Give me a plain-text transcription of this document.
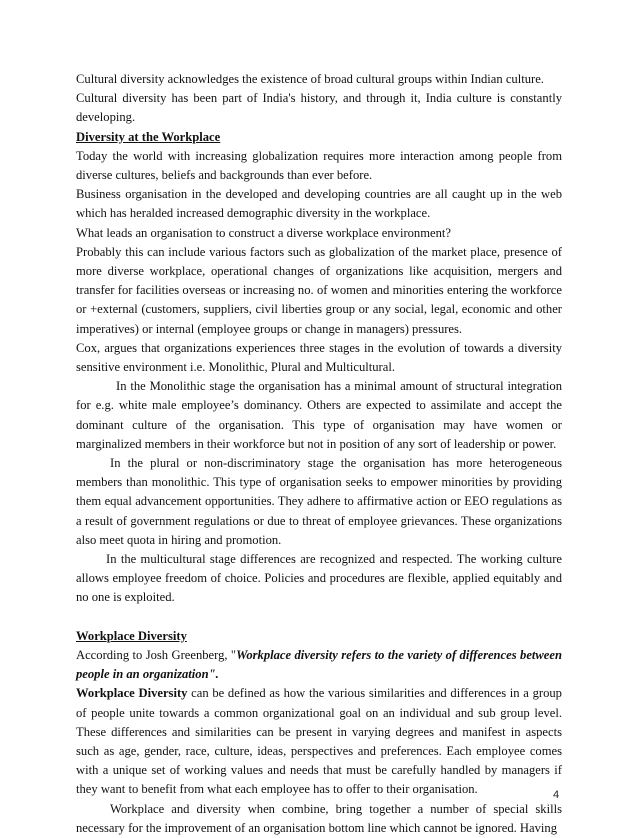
Cultural diversity acknowledges the existence of broad cultural groups within Indian culture.

Cultural diversity has been part of India's history, and through it, India culture is constantly developing.

Diversity at the Workplace

Today the world with increasing globalization requires more interaction among people from diverse cultures, beliefs and backgrounds than ever before.

Business organisation in the developed and developing countries are all caught up in the web which has heralded increased demographic diversity in the workplace.

What leads an organisation to construct a diverse workplace environment?

Probably this can include various factors such as globalization of the market place, presence of more diverse workplace, operational changes of organizations like acquisition, mergers and transfer for facilities overseas or increasing no. of women and minorities entering the workforce or +external (customers, suppliers, civil liberties group or any social, legal, economic and other imperatives) or internal (employee groups or change in managers) pressures.

Cox, argues that organizations experiences three stages in the evolution of towards a diversity sensitive environment i.e. Monolithic, Plural and Multicultural.

In the Monolithic stage the organisation has a minimal amount of structural integration for e.g. white male employee’s dominancy. Others are expected to assimilate and accept the dominant culture of the organisation. This type of organisation may have women or marginalized members in their workforce but not in position of any sort of leadership or power.

In the plural or non-discriminatory stage the organisation has more heterogeneous members than monolithic. This type of organisation seeks to empower minorities by providing them equal advancement opportunities. They adhere to affirmative action or EEO regulations as a result of government regulations or due to threat of employee grievances. These organizations also meet quota in hiring and promotion.

In the multicultural stage differences are recognized and respected. The working culture allows employee freedom of choice. Policies and procedures are flexible, applied equitably and no one is exploited.

Workplace Diversity

According to Josh Greenberg, "Workplace diversity refers to the variety of differences between people in an organization".

Workplace Diversity can be defined as how the various similarities and differences in a group of people unite towards a common organizational goal on an individual and sub group level. These differences and similarities can be present in varying degrees and manifest in aspects such as age, gender, race, culture, ideas, perspectives and preferences. Each employee comes with a unique set of working values and needs that must be carefully handled by managers if they want to benefit from what each employee has to offer to their organisation.

Workplace and diversity when combine, bring together a number of special skills necessary for the improvement of an organisation bottom line which cannot be ignored. Having

4
